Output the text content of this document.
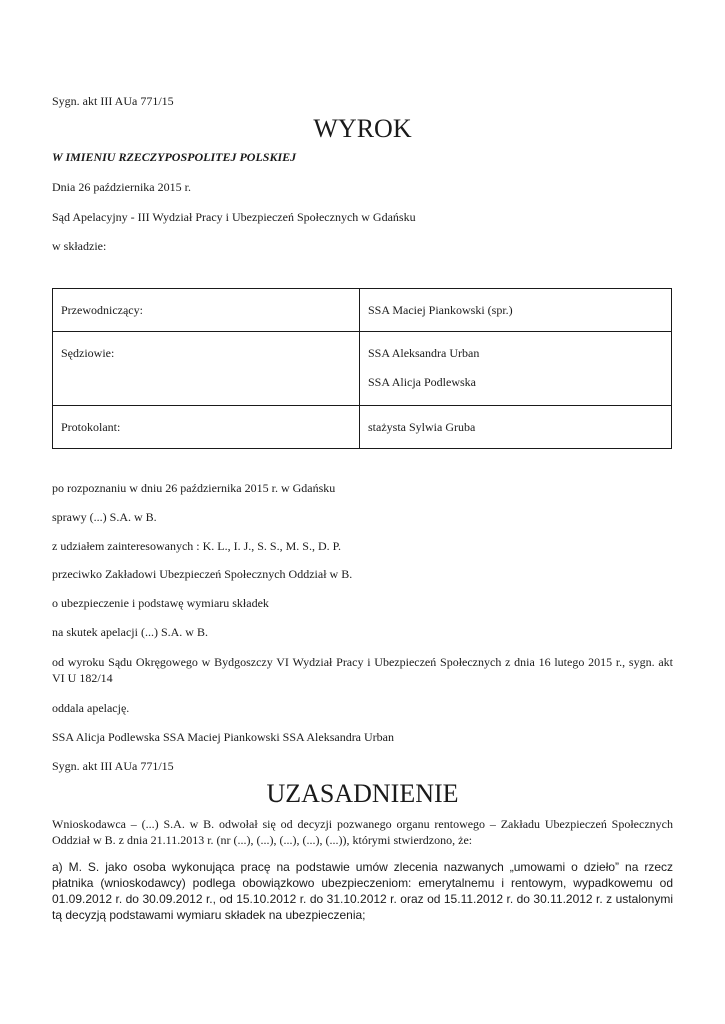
Sygn. akt III AUa 771/15
WYROK
W IMIENIU RZECZYPOSPOLITEJ POLSKIEJ
Dnia 26 października 2015 r.
Sąd Apelacyjny - III Wydział Pracy i Ubezpieczeń Społecznych w Gdańsku
w składzie:
Przewodniczący:	SSA Maciej Piankowski (spr.)
Sędziowie:	SSA Aleksandra Urban
SSA Alicja Podlewska
Protokolant:	stażysta Sylwia Gruba
po rozpoznaniu w dniu 26 października 2015 r. w Gdańsku
sprawy (...) S.A. w B.
z udziałem zainteresowanych : K. L., I. J., S. S., M. S., D. P.
przeciwko Zakładowi Ubezpieczeń Społecznych Oddział w B.
o ubezpieczenie i podstawę wymiaru składek
na skutek apelacji (...) S.A. w B.
od wyroku Sądu Okręgowego w Bydgoszczy VI Wydział Pracy i Ubezpieczeń Społecznych z dnia 16 lutego 2015 r., sygn. akt VI U 182/14
oddala apelację.
SSA Alicja Podlewska SSA Maciej Piankowski SSA Aleksandra Urban
Sygn. akt III AUa 771/15
UZASADNIENIE
Wnioskodawca – (...) S.A. w B. odwołał się od decyzji pozwanego organu rentowego – Zakładu Ubezpieczeń Społecznych Oddział w B. z dnia 21.11.2013 r. (nr (...), (...), (...), (...), (...)), którymi stwierdzono, że:
a) M. S. jako osoba wykonująca pracę na podstawie umów zlecenia nazwanych „umowami o dzieło” na rzecz płatnika (wnioskodawcy) podlega obowiązkowo ubezpieczeniom: emerytalnemu i rentowym, wypadkowemu od 01.09.2012 r. do 30.09.2012 r., od 15.10.2012 r. do 31.10.2012 r. oraz od 15.11.2012 r. do 30.11.2012 r. z ustalonymi tą decyzją podstawami wymiaru składek na ubezpieczenia;
